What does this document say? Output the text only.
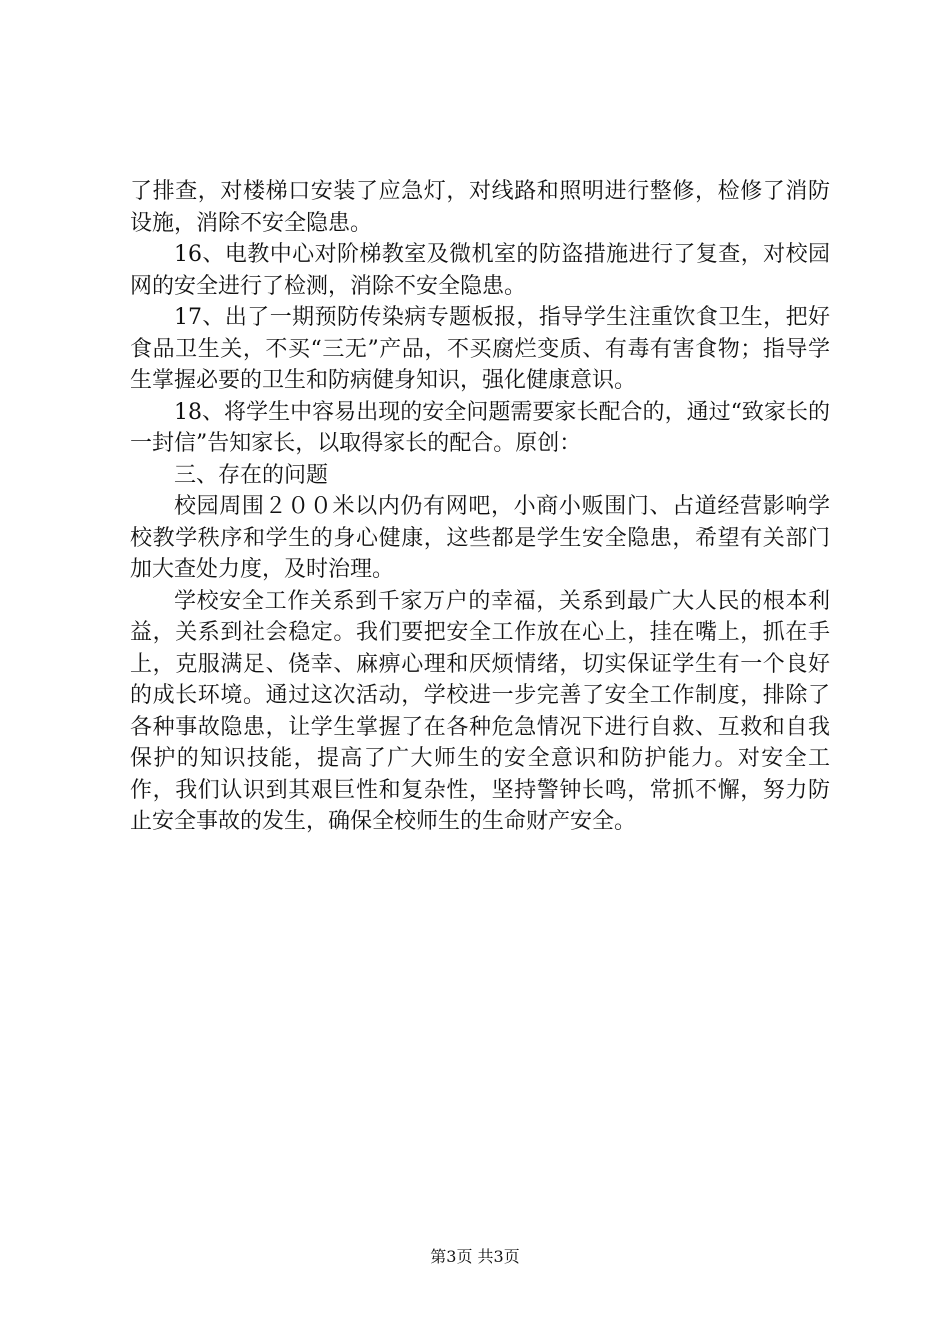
了排查，对楼梯口安装了应急灯，对线路和照明进行整修，检修了消防设施，消除不安全隐患。

16、电教中心对阶梯教室及微机室的防盗措施进行了复查，对校园网的安全进行了检测，消除不安全隐患。

17、出了一期预防传染病专题板报，指导学生注重饮食卫生，把好食品卫生关，不买“三无”产品，不买腐烂变质、有毒有害食物；指导学生掌握必要的卫生和防病健身知识，强化健康意识。

18、将学生中容易出现的安全问题需要家长配合的，通过“致家长的一封信”告知家长，以取得家长的配合。原创：

三、存在的问题

校园周围２００米以内仍有网吧，小商小贩围门、占道经营影响学校教学秩序和学生的身心健康，这些都是学生安全隐患，希望有关部门加大查处力度，及时治理。

学校安全工作关系到千家万户的幸福，关系到最广大人民的根本利益，关系到社会稳定。我们要把安全工作放在心上，挂在嘴上，抓在手上，克服满足、侥幸、麻痹心理和厌烦情绪，切实保证学生有一个良好的成长环境。通过这次活动，学校进一步完善了安全工作制度，排除了各种事故隐患，让学生掌握了在各种危急情况下进行自救、互救和自我保护的知识技能，提高了广大师生的安全意识和防护能力。对安全工作，我们认识到其艰巨性和复杂性，坚持警钟长鸣，常抓不懈，努力防止安全事故的发生，确保全校师生的生命财产安全。

第3页 共3页
